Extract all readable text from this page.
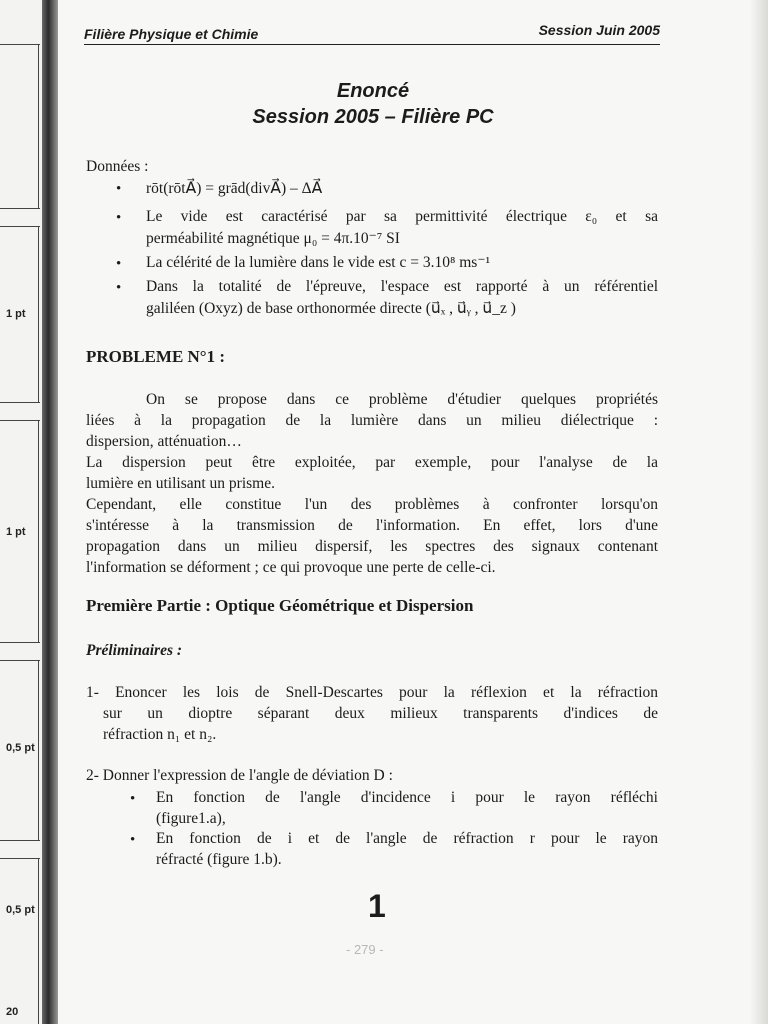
1 pt
1 pt
0,5 pt
0,5 pt
20
Filière Physique et Chimie	Session Juin 2005
Enoncé
Session 2005 – Filière PC
Données :
• rōt(rōtA⃗) = grād(divA⃗) – ΔA⃗
• Le vide est caractérisé par sa permittivité électrique ε₀ et sa
perméabilité magnétique μ₀ = 4π.10⁻⁷ SI
• La célérité de la lumière dans le vide est c = 3.10⁸ ms⁻¹
• Dans la totalité de l'épreuve, l'espace est rapporté à un référentiel
galiléen (Oxyz) de base orthonormée directe (u⃗ₓ , u⃗ᵧ , u⃗_z )
PROBLEME N°1 :
On se propose dans ce problème d'étudier quelques propriétés
liées à la propagation de la lumière dans un milieu diélectrique :
dispersion, atténuation…
La dispersion peut être exploitée, par exemple, pour l'analyse de la
lumière en utilisant un prisme.
Cependant, elle constitue l'un des problèmes à confronter lorsqu'on
s'intéresse à la transmission de l'information. En effet, lors d'une
propagation dans un milieu dispersif, les spectres des signaux contenant
l'information se déforment ; ce qui provoque une perte de celle-ci.
Première Partie : Optique Géométrique et Dispersion
Préliminaires :
1- Enoncer les lois de Snell-Descartes pour la réflexion et la réfraction
sur un dioptre séparant deux milieux transparents d'indices de
réfraction n₁ et n₂.
2- Donner l'expression de l'angle de déviation D :
• En fonction de l'angle d'incidence i pour le rayon réfléchi
(figure1.a),
• En fonction de i et de l'angle de réfraction r pour le rayon
réfracté (figure 1.b).
1
- 279 -
